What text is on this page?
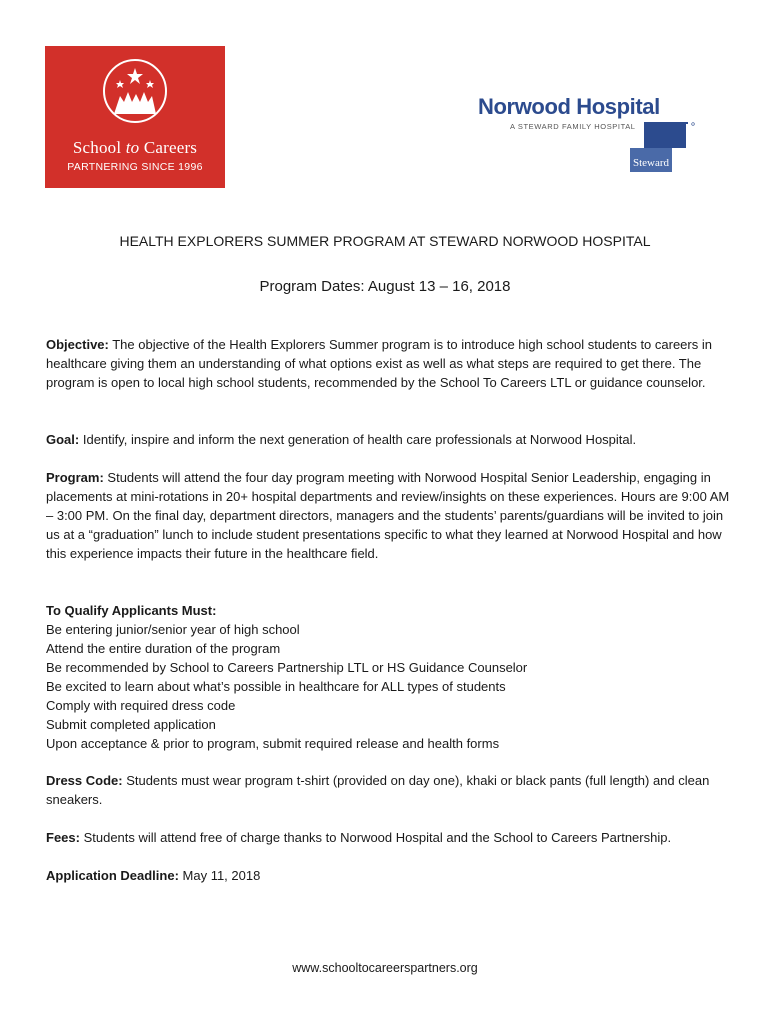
School to Careers
PARTNERING SINCE 1996
Norwood Hospital
A STEWARD FAMILY HOSPITAL
Steward
HEALTH EXPLORERS SUMMER PROGRAM AT STEWARD NORWOOD HOSPITAL
Program Dates: August 13 – 16, 2018

Objective: The objective of the Health Explorers Summer program is to introduce high school students to careers in healthcare giving them an understanding of what options exist as well as what steps are required to get there. The program is open to local high school students, recommended by the School To Careers LTL or guidance counselor.

Goal: Identify, inspire and inform the next generation of health care professionals at Norwood Hospital.

Program: Students will attend the four day program meeting with Norwood Hospital Senior Leadership, engaging in placements at mini-rotations in 20+ hospital departments and review/insights on these experiences. Hours are 9:00 AM – 3:00 PM. On the final day, department directors, managers and the students’ parents/guardians will be invited to join us at a “graduation” lunch to include student presentations specific to what they learned at Norwood Hospital and how this experience impacts their future in the healthcare field.

To Qualify Applicants Must:

Be entering junior/senior year of high school

Attend the entire duration of the program

Be recommended by School to Careers Partnership LTL or HS Guidance Counselor

Be excited to learn about what’s possible in healthcare for ALL types of students

Comply with required dress code

Submit completed application

Upon acceptance & prior to program, submit required release and health forms

Dress Code: Students must wear program t-shirt (provided on day one), khaki or black pants (full length) and clean sneakers.

Fees: Students will attend free of charge thanks to Norwood Hospital and the School to Careers Partnership.

Application Deadline: May 11, 2018

www.schooltocareerspartners.org
